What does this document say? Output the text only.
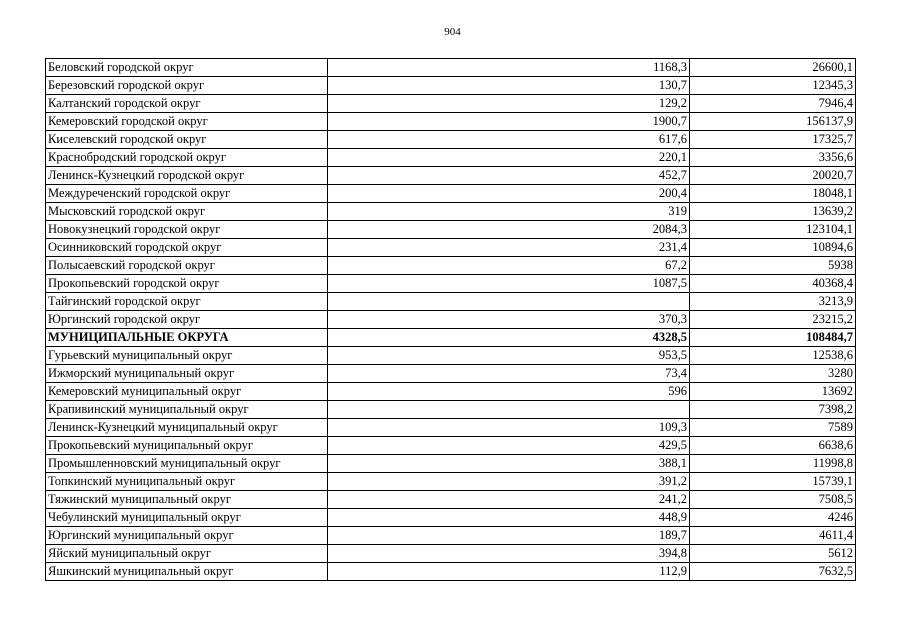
904
Беловский городской округ	1168,3	26600,1
Березовский городской округ	130,7	12345,3
Калтанский городской округ	129,2	7946,4
Кемеровский городской округ	1900,7	156137,9
Киселевский городской округ	617,6	17325,7
Краснобродский городской округ	220,1	3356,6
Ленинск-Кузнецкий городской округ	452,7	20020,7
Междуреченский городской округ	200,4	18048,1
Мысковский городской округ	319	13639,2
Новокузнецкий городской округ	2084,3	123104,1
Осинниковский городской округ	231,4	10894,6
Полысаевский городской округ	67,2	5938
Прокопьевский городской округ	1087,5	40368,4
Тайгинский городской округ		3213,9
Юргинский городской округ	370,3	23215,2
МУНИЦИПАЛЬНЫЕ ОКРУГА	4328,5	108484,7
Гурьевский муниципальный округ	953,5	12538,6
Ижморский муниципальный округ	73,4	3280
Кемеровский муниципальный округ	596	13692
Крапивинский муниципальный округ		7398,2
Ленинск-Кузнецкий муниципальный округ	109,3	7589
Прокопьевский муниципальный округ	429,5	6638,6
Промышленновский муниципальный округ	388,1	11998,8
Топкинский муниципальный округ	391,2	15739,1
Тяжинский муниципальный округ	241,2	7508,5
Чебулинский муниципальный округ	448,9	4246
Юргинский муниципальный округ	189,7	4611,4
Яйский муниципальный округ	394,8	5612
Яшкинский муниципальный округ	112,9	7632,5
